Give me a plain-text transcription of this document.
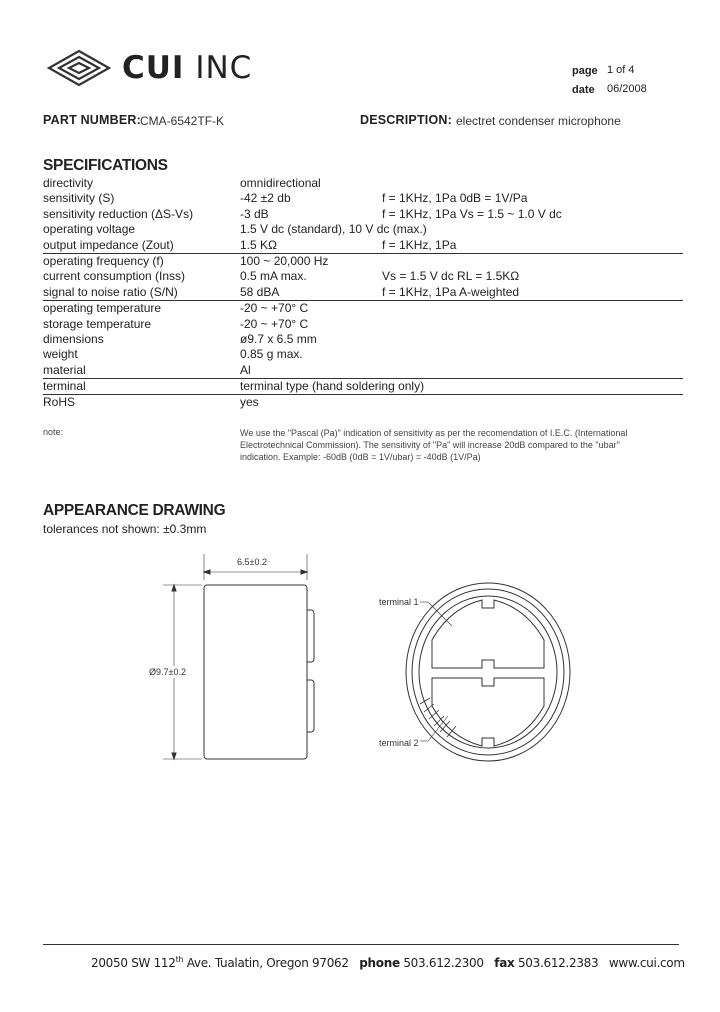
CUI INC	page 1 of 4
date 06/2008
PART NUMBER: CMA-6542TF-K	DESCRIPTION: electret condenser microphone
SPECIFICATIONS
directivity	omnidirectional
sensitivity (S)	-42 ±2 db	f = 1KHz, 1Pa 0dB = 1V/Pa
sensitivity reduction (ΔS-Vs)	-3 dB	f = 1KHz, 1Pa Vs = 1.5 ~ 1.0 V dc
operating voltage	1.5 V dc (standard), 10 V dc (max.)
output impedance (Zout)	1.5 KΩ	f = 1KHz, 1Pa
operating frequency (f)	100 ~ 20,000 Hz
current consumption (Inss)	0.5 mA max.	Vs = 1.5 V dc RL = 1.5KΩ
signal to noise ratio (S/N)	58 dBA	f = 1KHz, 1Pa A-weighted
operating temperature	-20 ~ +70° C
storage temperature	-20 ~ +70° C
dimensions	ø9.7 x 6.5 mm
weight	0.85 g max.
material	Al
terminal	terminal type (hand soldering only)
RoHS	yes
note:	We use the "Pascal (Pa)" indication of sensitivity as per the recomendation of I.E.C. (International
Electrotechnical Commission). The sensitivity of "Pa" will increase 20dB compared to the "ubar"
indication. Example: -60dB (0dB = 1V/ubar) = -40dB (1V/Pa)
APPEARANCE DRAWING
tolerances not shown: ±0.3mm
6.5±0.2
Ø9.7±0.2
terminal 1
terminal 2
20050 SW 112th Ave. Tualatin, Oregon 97062 phone 503.612.2300 fax 503.612.2383 www.cui.com
